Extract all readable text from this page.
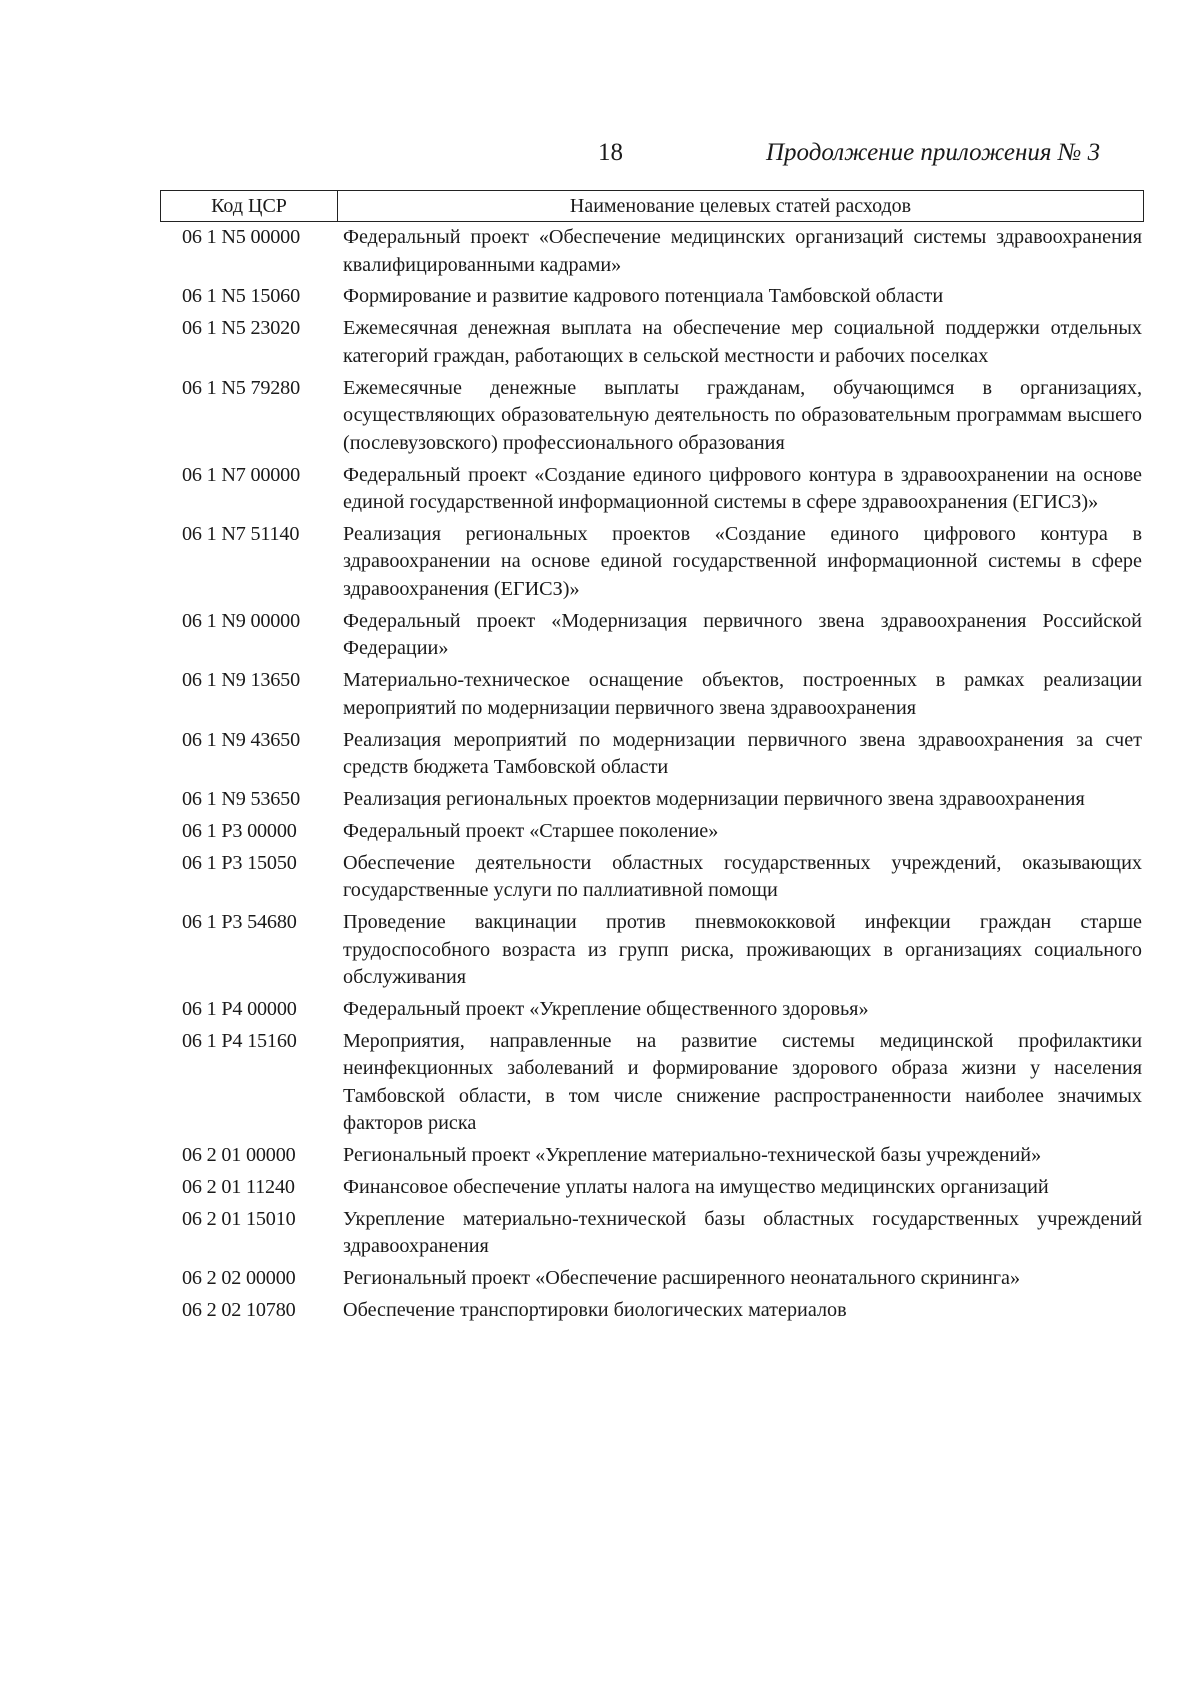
18	Продолжение приложения № 3
Код ЦСР	Наименование целевых статей расходов
06 1 N5 00000	Федеральный проект «Обеспечение медицинских организаций системы здравоохранения квалифицированными кадрами»
06 1 N5 15060	Формирование и развитие кадрового потенциала Тамбовской области
06 1 N5 23020	Ежемесячная денежная выплата на обеспечение мер социальной поддержки отдельных категорий граждан, работающих в сельской местности и рабочих поселках
06 1 N5 79280	Ежемесячные денежные выплаты гражданам, обучающимся в организациях, осуществляющих образовательную деятельность по образовательным программам высшего (послевузовского) профессионального образования
06 1 N7 00000	Федеральный проект «Создание единого цифрового контура в здравоохранении на основе единой государственной информационной системы в сфере здравоохранения (ЕГИСЗ)»
06 1 N7 51140	Реализация региональных проектов «Создание единого цифрового контура в здравоохранении на основе единой государственной информационной системы в сфере здравоохранения (ЕГИСЗ)»
06 1 N9 00000	Федеральный проект «Модернизация первичного звена здравоохранения Российской Федерации»
06 1 N9 13650	Материально-техническое оснащение объектов, построенных в рамках реализации мероприятий по модернизации первичного звена здравоохранения
06 1 N9 43650	Реализация мероприятий по модернизации первичного звена здравоохранения за счет средств бюджета Тамбовской области
06 1 N9 53650	Реализация региональных проектов модернизации первичного звена здравоохранения
06 1 P3 00000	Федеральный проект «Старшее поколение»
06 1 P3 15050	Обеспечение деятельности областных государственных учреждений, оказывающих государственные услуги по паллиативной помощи
06 1 P3 54680	Проведение вакцинации против пневмококковой инфекции граждан старше трудоспособного возраста из групп риска, проживающих в организациях социального обслуживания
06 1 P4 00000	Федеральный проект «Укрепление общественного здоровья»
06 1 P4 15160	Мероприятия, направленные на развитие системы медицинской профилактики неинфекционных заболеваний и формирование здорового образа жизни у населения Тамбовской области, в том числе снижение распространенности наиболее значимых факторов риска
06 2 01 00000	Региональный проект «Укрепление материально-технической базы учреждений»
06 2 01 11240	Финансовое обеспечение уплаты налога на имущество медицинских организаций
06 2 01 15010	Укрепление материально-технической базы областных государственных учреждений здравоохранения
06 2 02 00000	Региональный проект «Обеспечение расширенного неонатального скрининга»
06 2 02 10780	Обеспечение транспортировки биологических материалов
